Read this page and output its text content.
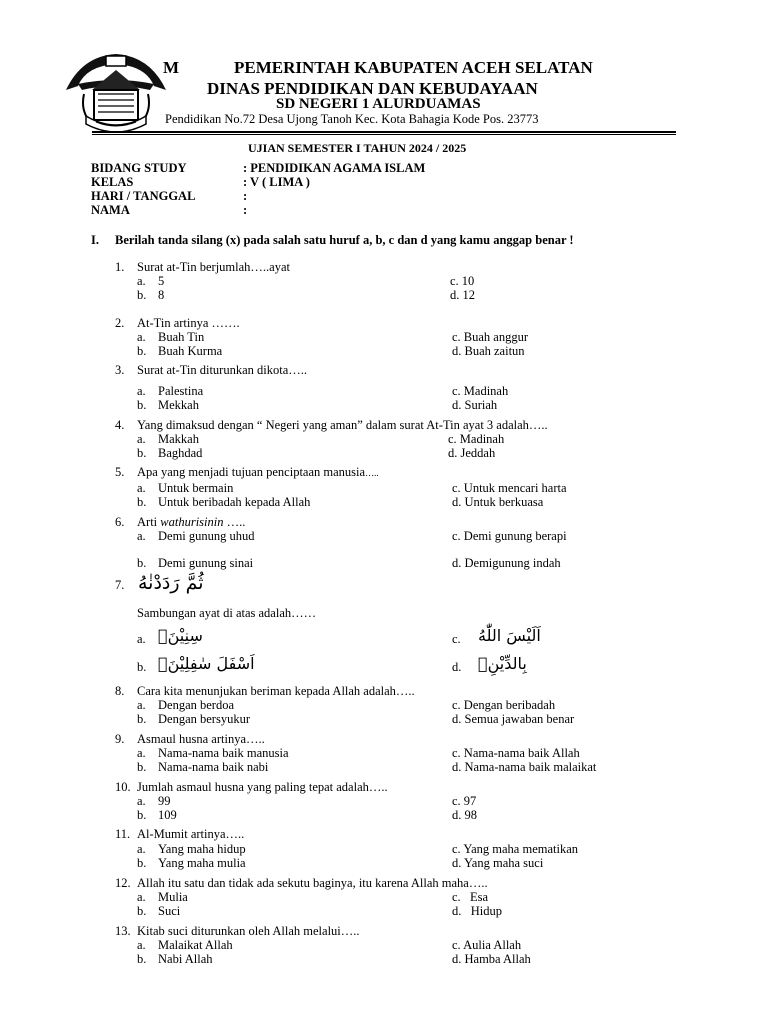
M	PEMERINTAH KABUPATEN ACEH SELATAN
DINAS PENDIDIKAN DAN KEBUDAYAAN
SD NEGERI 1 ALURDUAMAS
Pendidikan No.72 Desa Ujong Tanoh Kec. Kota Bahagia Kode Pos. 23773
UJIAN SEMESTER I TAHUN 2024 / 2025
BIDANG STUDY	: PENDIDIKAN AGAMA ISLAM
KELAS	: V ( LIMA )
HARI / TANGGAL	:
NAMA	:
I. Berilah tanda silang (x) pada salah satu huruf a, b, c dan d yang kamu anggap benar !
1. Surat at-Tin berjumlah…..ayat
a. 5
b. 8
c. 10
d. 12
2. At-Tin artinya …….
a. Buah Tin
b. Buah Kurma
c. Buah anggur
d. Buah zaitun
3. Surat at-Tin diturunkan dikota…..
a. Palestina
b. Mekkah
c. Madinah
d. Suriah
4. Yang dimaksud dengan “ Negeri yang aman” dalam surat At-Tin ayat 3 adalah…..
a. Makkah
b. Baghdad
c. Madinah
d. Jeddah
5. Apa yang menjadi tujuan penciptaan manusia…..
a. Untuk bermain
b. Untuk beribadah kepada Allah
c. Untuk mencari harta
d. Untuk berkuasa
6. Arti wathurisinin …..
a. Demi gunung uhud
b. Demi gunung sinai
c. Demi gunung berapi
d. Demigunung indah
7. ثُمَّ رَدَدْنٰهُ
Sambungan ayat di atas adalah……
a. سِنِيْنَۙ	c. اَلَيْسَ اللّٰهُ
b. اَسْفَلَ سٰفِلِيْنَۙ	d. بِالدِّيْنِۗ
8. Cara kita menunjukan beriman kepada Allah adalah…..
a. Dengan berdoa
b. Dengan bersyukur
c. Dengan beribadah
d. Semua jawaban benar
9. Asmaul husna artinya…..
a. Nama-nama baik manusia
b. Nama-nama baik nabi
c. Nama-nama baik Allah
d. Nama-nama baik malaikat
10. Jumlah asmaul husna yang paling tepat adalah…..
a. 99
b. 109
c. 97
d. 98
11. Al-Mumit artinya…..
a. Yang maha hidup
b. Yang maha mulia
c. Yang maha mematikan
d. Yang maha suci
12. Allah itu satu dan tidak ada sekutu baginya, itu karena Allah maha…..
a. Mulia
b. Suci
c.   Esa
d.   Hidup
13. Kitab suci diturunkan oleh Allah melalui…..
a. Malaikat Allah
b. Nabi Allah
c. Aulia Allah
d. Hamba Allah
